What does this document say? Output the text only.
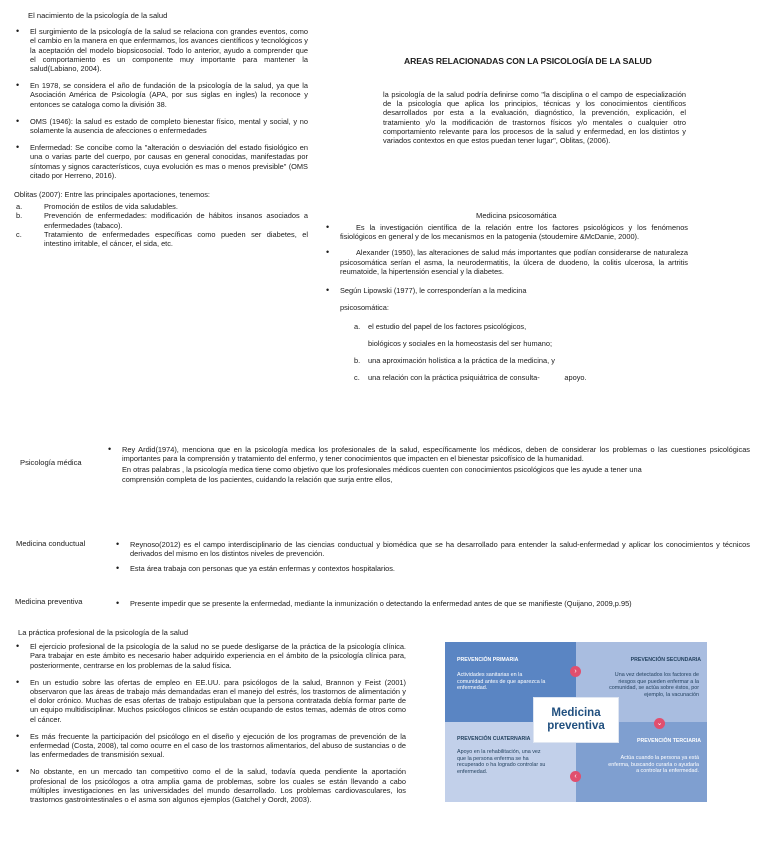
El nacimiento de la psicología de la salud
• El surgimiento de la psicología de la salud se relaciona con grandes eventos, como el cambio en la manera en que enfermamos, los avances científicos y tecnológicos y la aceptación del modelo biopsicosocial. Todo lo anterior, ayudo a comprender que el comportamiento es un componente muy importante para mantener la salud(Labiano, 2004).
• En 1978, se considera el año de fundación de la psicología de la salud, ya que la Asociación América de Psicología (APA, por sus siglas en ingles) la reconoce y entonces se cataloga como la división 38.
• OMS (1946): la salud es estado de completo bienestar físico, mental y social, y no solamente la ausencia de afecciones o enfermedades
• Enfermedad: Se concibe como la "alteración o desviación del estado fisiológico en una o varias parte del cuerpo, por causas en general conocidas, manifestadas por síntomas y signos característicos, cuya evolución es mas o menos previsible" (OMS citado por Herreno, 2016).
Oblitas (2007): Entre las principales aportaciones, tenemos:
a.	Promoción de estilos de vida saludables.
b.	Prevención de enfermedades: modificación de hábitos insanos asociados a enfermedades (tabaco).
c.	Tratamiento de enfermedades específicas como pueden ser diabetes, el intestino irritable, el cáncer, el sida, etc.
AREAS RELACIONADAS CON LA PSICOLOGÍA DE LA SALUD
la psicología de la salud podría definirse como "la disciplina o el campo de especialización de la psicología que aplica los principios, técnicas y los conocimientos científicos desarrollados por esta a la evaluación, diagnóstico, la prevención, explicación, el tratamiento y/o la modificación de trastornos físicos y/o mentales o cualquier otro comportamiento relevante para los procesos de la salud y enfermedad, en los distintos y variados contextos en que estos puedan tener lugar", Oblitas, (2006).
Medicina psicosomática
• Es la investigación científica de la relación entre los factores psicológicos y los fenómenos fisiológicos en general y de los mecanismos en la patogenia (stoudemire &McDanie, 2000).
• Alexander (1950), las alteraciones de salud más importantes que podían considerarse de naturaleza psicosomática serían el asma, la neurodermatitis, la úlcera de duodeno, la colitis ulcerosa, la artritis reumatoide, la hipertensión esencial y la diabetes.
• Según Lipowski (1977), le corresponderían a la medicina
psicosomática:
a. el estudio del papel de los factores psicológicos,
biológicos y sociales en la homeostasis del ser humano;
b. una aproximación holística a la práctica de la medicina, y
c. una relación con la práctica psiquiátrica de consulta-            apoyo.
Psicología médica
• Rey Ardid(1974), menciona que en la psicología medica los profesionales de la salud, específicamente los médicos, deben de considerar los problemas o las cuestiones psicológicas importantes para la comprensión y tratamiento del enfermo, y tener conocimientos que impacten en el bienestar psicofísico de la humanidad.
En otras palabras , la psicología medica tiene como objetivo que los profesionales médicos cuenten con conocimientos psicológicos que les ayude a tener una comprensión completa de los pacientes, cuidando la relación que surja entre ellos,
Medicina conductual	• Reynoso(2012) es el campo interdisciplinario de las ciencias conductual y biomédica que se ha desarrollado para entender la salud-enfermedad y aplicar los conocimientos y técnicos derivados del mismo en los distintos niveles de prevención.
• Esta área trabaja con personas que ya están enfermas y contextos hospitalarios.
Medicina preventiva	• Presente impedir que se presente la enfermedad, mediante la inmunización o detectando la enfermedad antes de que se manifieste (Quijano, 2009,p.95)
La práctica profesional de la psicología de la salud
• El ejercicio profesional de la psicología de la salud no se puede desligarse de la práctica de la psicología clínica. Para trabajar en este ámbito es necesario haber adquirido experiencia en el ámbito de la psicología clínica para, posteriormente, centrarse en los problemas de la salud física.
• En un estudio sobre las ofertas de empleo en EE.UU. para psicólogos de la salud, Brannon y Feist (2001) observaron que las áreas de trabajo más demandadas eran el manejo del estrés, los trastornos de alimentación y el dolor crónico. Muchas de esas ofertas de trabajo estipulaban que la persona contratada debía formar parte de un equipo multidisciplinar. Muchos psicólogos clínicos se están ocupando de estos temas, además de otros como el cáncer.
• Es más frecuente la participación del psicólogo en el diseño y ejecución de los programas de prevención de la enfermedad (Costa, 2008), tal como ocurre en el caso de los trastornos alimentarios, del abuso de sustancias o de las enfermedades de transmisión sexual.
• No obstante, en un mercado tan competitivo como el de la salud, todavía queda pendiente la aportación profesional de los psicólogos a otra amplia gama de problemas, sobre los cuales se están llevando a cabo múltiples investigaciones en las universidades del mundo desarrollado. Los problemas cardiovasculares, los trastornos gastrointestinales o el asma son algunos ejemplos (Gatchel y Oordt, 2003).
PREVENCIÓN PRIMARIA
Actividades sanitarias en la comunidad antes de que aparezca la enfermedad.
PREVENCIÓN SECUNDARIA
Una vez detectados los factores de riesgos que pueden enfermar a la comunidad, se actúa sobre éstos, por ejemplo, la vacunación
PREVENCIÓN CUATERNARIA
Apoyo en la rehabilitación, una vez que la persona enferma se ha recuperado o ha logrado controlar su enfermedad.
PREVENCIÓN TERCIARIA
Actúa cuando la persona ya está enferma, buscando curarla o ayudarla a controlar la enfermedad.
Medicina preventiva
›
⌄
‹
